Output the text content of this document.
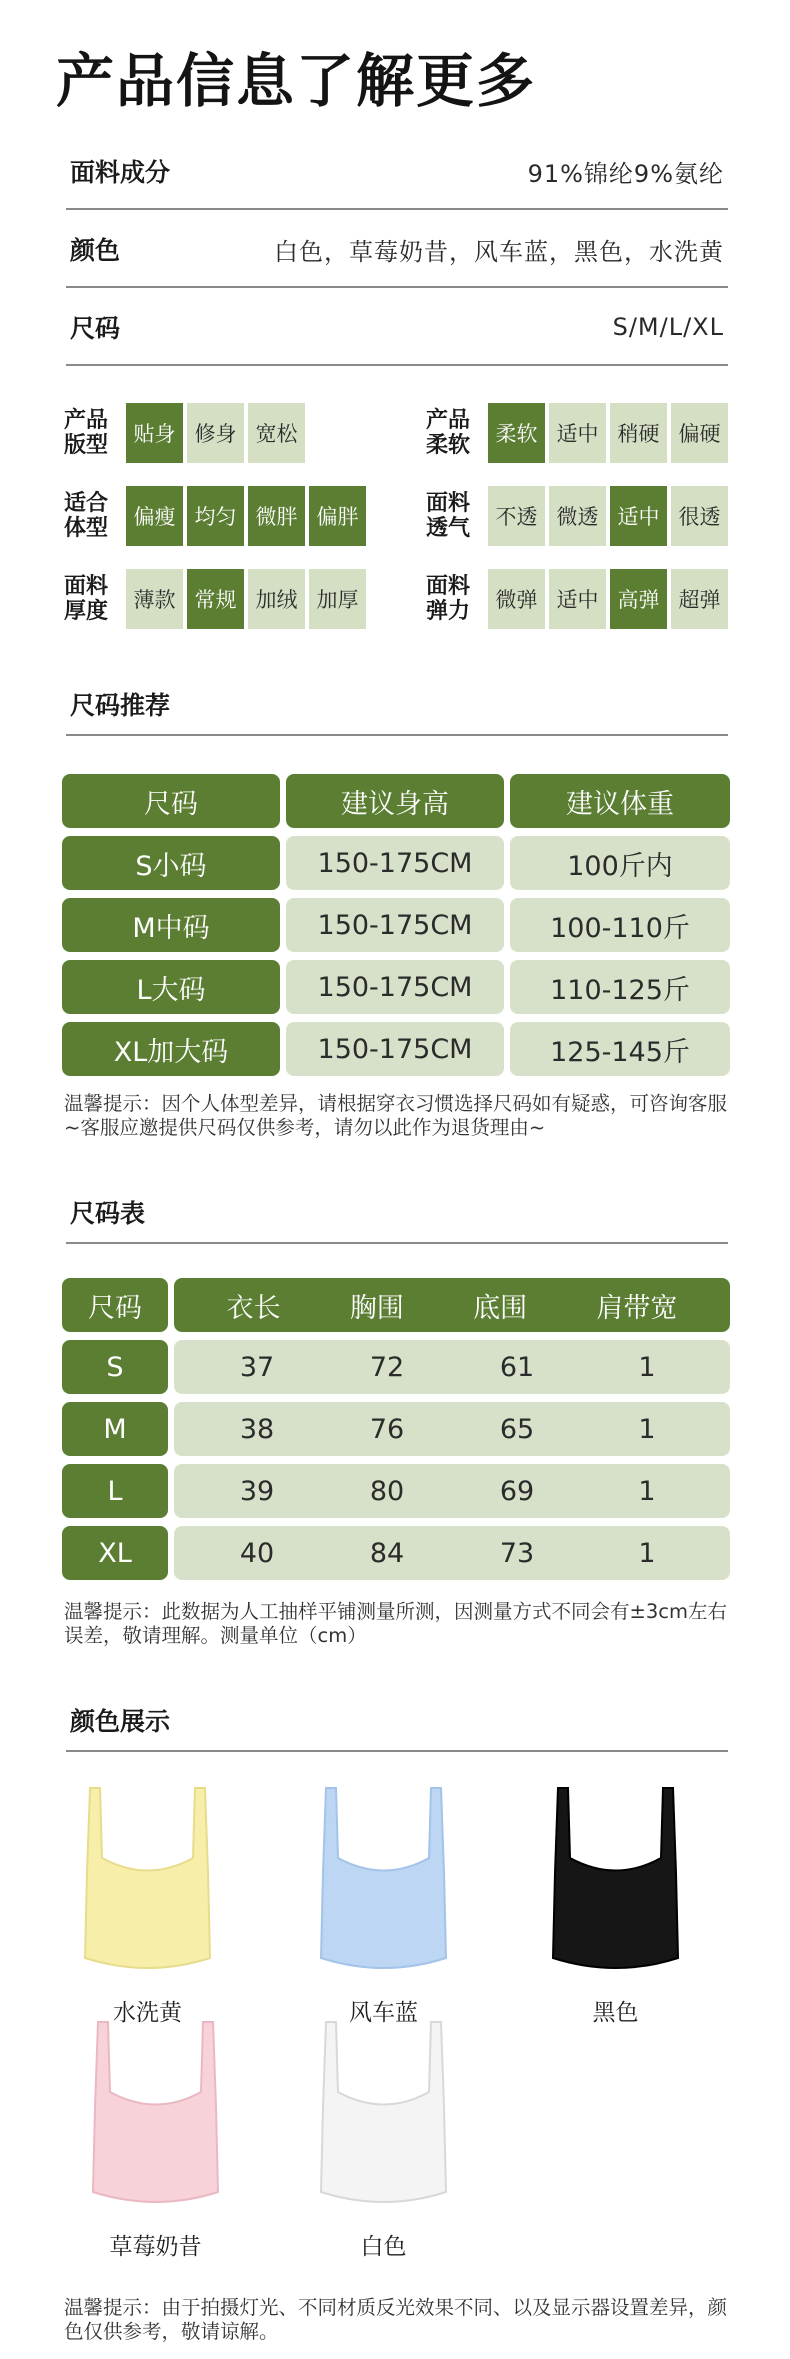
产品信息了解更多
面料成分	91%锦纶9%氨纶
颜色	白色，草莓奶昔，风车蓝，黑色，水洗黄
尺码	S/M/L/XL
产品版型	贴身 修身 宽松
产品柔软	柔软 适中 稍硬 偏硬
适合体型	偏瘦 均匀 微胖 偏胖
面料透气	不透 微透 适中 很透
面料厚度	薄款 常规 加绒 加厚
面料弹力	微弹 适中 高弹 超弹
尺码推荐
尺码	建议身高	建议体重
S小码	150-175CM	100斤内
M中码	150-175CM	100-110斤
L大码	150-175CM	110-125斤
XL加大码	150-175CM	125-145斤
温馨提示：因个人体型差异，请根据穿衣习惯选择尺码如有疑惑，可咨询客服~客服应邀提供尺码仅供参考，请勿以此作为退货理由~
尺码表
尺码	衣长	胸围	底围	肩带宽
S	37	72	61	1
M	38	76	65	1
L	39	80	69	1
XL	40	84	73	1
温馨提示：此数据为人工抽样平铺测量所测，因测量方式不同会有±3cm左右误差，敬请理解。测量单位（cm）
颜色展示
水洗黄	风车蓝	黑色
草莓奶昔	白色
温馨提示：由于拍摄灯光、不同材质反光效果不同、以及显示器设置差异，颜色仅供参考，敬请谅解。
